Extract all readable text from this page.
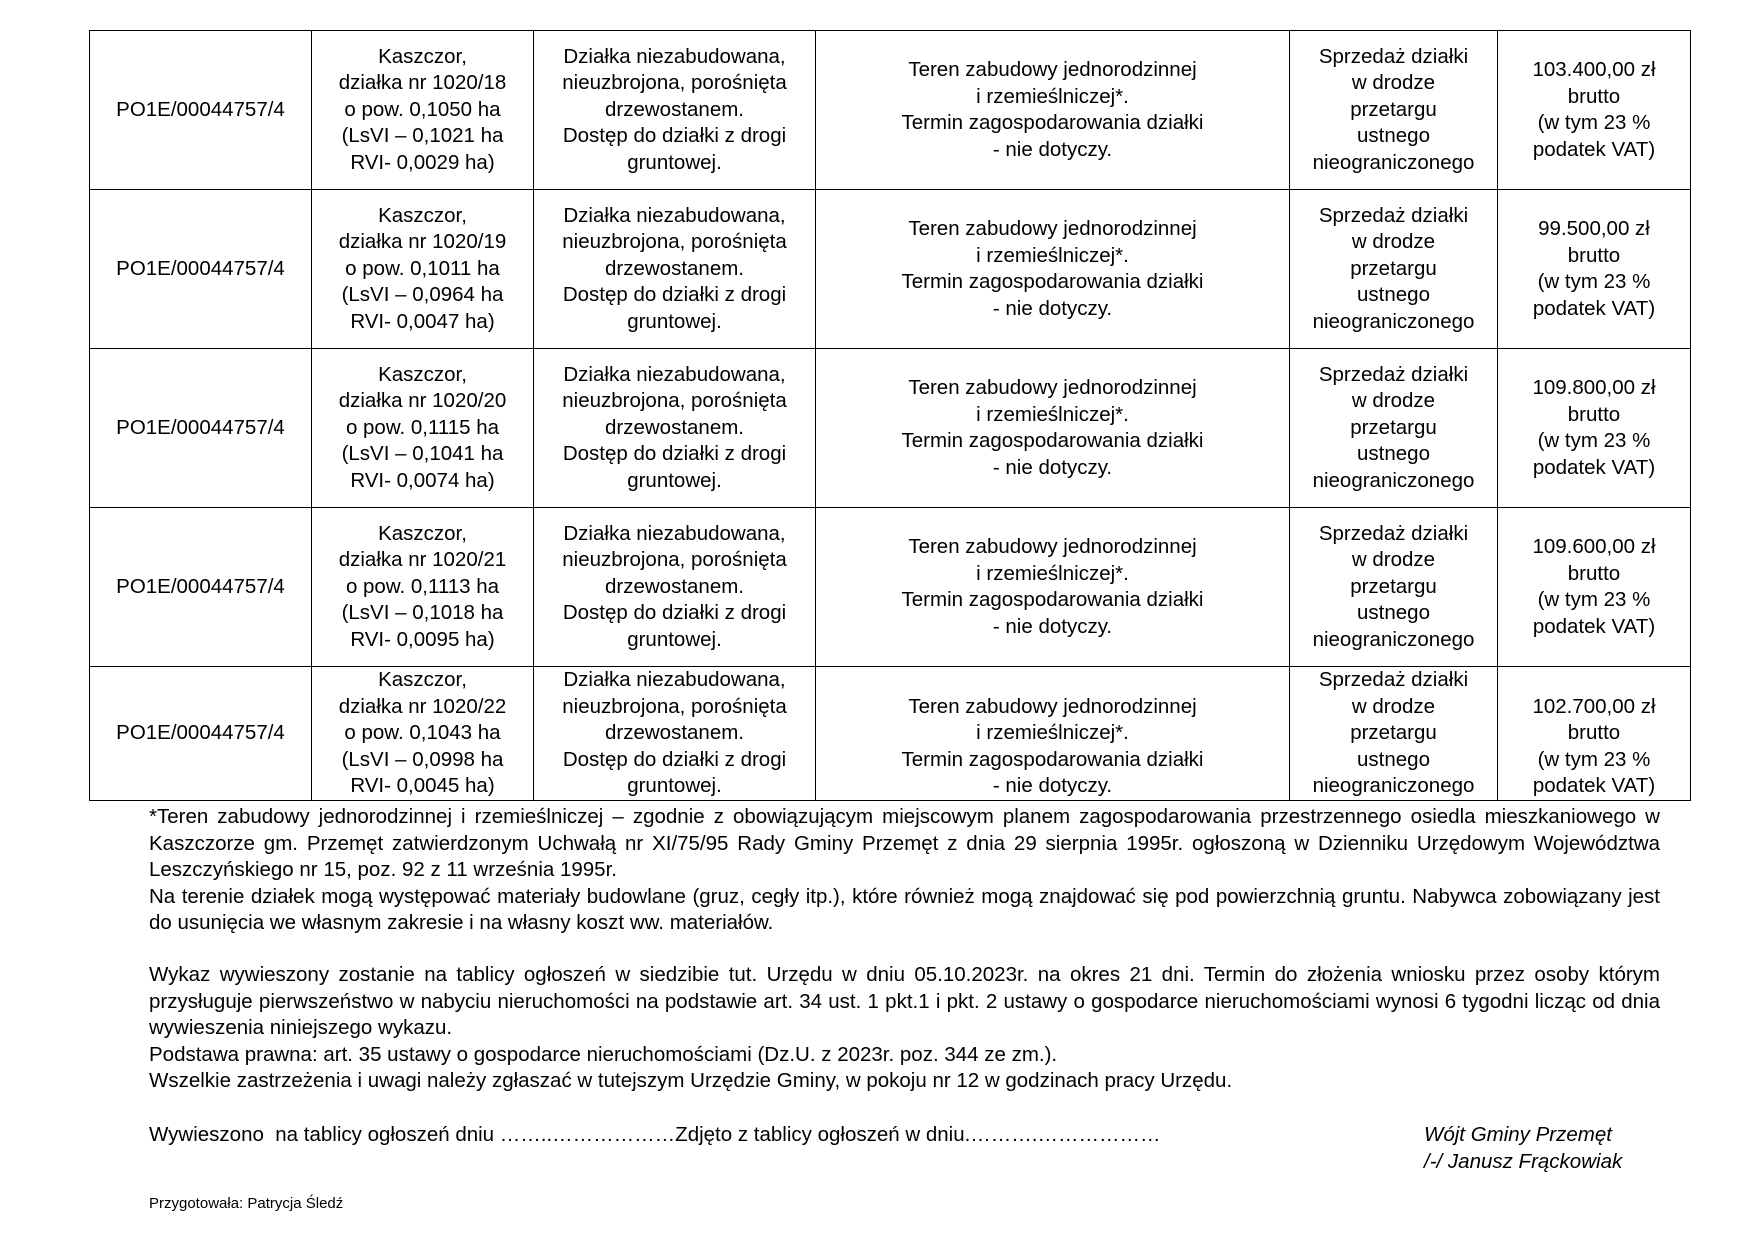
PO1E/00044757/4	Kaszczor,
działka nr 1020/18
o pow. 0,1050 ha
(LsVI – 0,1021 ha
RVI- 0,0029 ha)	Działka niezabudowana,
nieuzbrojona, porośnięta
drzewostanem.
Dostęp do działki z drogi
gruntowej.	Teren zabudowy jednorodzinnej
i rzemieślniczej*.
Termin zagospodarowania działki
- nie dotyczy.	Sprzedaż działki
w drodze
przetargu
ustnego
nieograniczonego	103.400,00 zł
brutto
(w tym 23 %
podatek VAT)

PO1E/00044757/4	Kaszczor,
działka nr 1020/19
o pow. 0,1011 ha
(LsVI – 0,0964 ha
RVI- 0,0047 ha)	Działka niezabudowana,
nieuzbrojona, porośnięta
drzewostanem.
Dostęp do działki z drogi
gruntowej.	Teren zabudowy jednorodzinnej
i rzemieślniczej*.
Termin zagospodarowania działki
- nie dotyczy.	Sprzedaż działki
w drodze
przetargu
ustnego
nieograniczonego	99.500,00 zł
brutto
(w tym 23 %
podatek VAT)

PO1E/00044757/4	Kaszczor,
działka nr 1020/20
o pow. 0,1115 ha
(LsVI – 0,1041 ha
RVI- 0,0074 ha)	Działka niezabudowana,
nieuzbrojona, porośnięta
drzewostanem.
Dostęp do działki z drogi
gruntowej.	Teren zabudowy jednorodzinnej
i rzemieślniczej*.
Termin zagospodarowania działki
- nie dotyczy.	Sprzedaż działki
w drodze
przetargu
ustnego
nieograniczonego	109.800,00 zł
brutto
(w tym 23 %
podatek VAT)

PO1E/00044757/4	Kaszczor,
działka nr 1020/21
o pow. 0,1113 ha
(LsVI – 0,1018 ha
RVI- 0,0095 ha)	Działka niezabudowana,
nieuzbrojona, porośnięta
drzewostanem.
Dostęp do działki z drogi
gruntowej.	Teren zabudowy jednorodzinnej
i rzemieślniczej*.
Termin zagospodarowania działki
- nie dotyczy.	Sprzedaż działki
w drodze
przetargu
ustnego
nieograniczonego	109.600,00 zł
brutto
(w tym 23 %
podatek VAT)

PO1E/00044757/4	Kaszczor,
działka nr 1020/22
o pow. 0,1043 ha
(LsVI – 0,0998 ha
RVI- 0,0045 ha)	Działka niezabudowana,
nieuzbrojona, porośnięta
drzewostanem.
Dostęp do działki z drogi
gruntowej.	Teren zabudowy jednorodzinnej
i rzemieślniczej*.
Termin zagospodarowania działki
- nie dotyczy.	Sprzedaż działki
w drodze
przetargu
ustnego
nieograniczonego	102.700,00 zł
brutto
(w tym 23 %
podatek VAT)

*Teren zabudowy jednorodzinnej i rzemieślniczej – zgodnie z obowiązującym miejscowym planem zagospodarowania przestrzennego osiedla mieszkaniowego w Kaszczorze gm. Przemęt zatwierdzonym Uchwałą nr XI/75/95 Rady Gminy Przemęt z dnia 29 sierpnia 1995r. ogłoszoną w Dzienniku Urzędowym Województwa Leszczyńskiego nr 15, poz. 92 z 11 września 1995r.

Na terenie działek mogą występować materiały budowlane (gruz, cegły itp.), które również mogą znajdować się pod powierzchnią gruntu. Nabywca zobowiązany jest do usunięcia we własnym zakresie i na własny koszt ww. materiałów.

Wykaz wywieszony zostanie na tablicy ogłoszeń w siedzibie tut. Urzędu w dniu 05.10.2023r. na okres 21 dni. Termin do złożenia wniosku przez osoby którym przysługuje pierwszeństwo w nabyciu nieruchomości na podstawie art. 34 ust. 1 pkt.1 i pkt. 2 ustawy o gospodarce nieruchomościami wynosi 6 tygodni licząc od dnia wywieszenia niniejszego wykazu.

Podstawa prawna: art. 35 ustawy o gospodarce nieruchomościami (Dz.U. z 2023r. poz. 344 ze zm.).

Wszelkie zastrzeżenia i uwagi należy zgłaszać w tutejszym Urzędzie Gminy, w pokoju nr 12 w godzinach pracy Urzędu.

Wywieszono  na tablicy ogłoszeń dniu ……..………………Zdjęto z tablicy ogłoszeń w dniu.……….………………	Wójt Gminy Przemęt
/-/ Janusz Frąckowiak
Przygotowała: Patrycja Śledź
